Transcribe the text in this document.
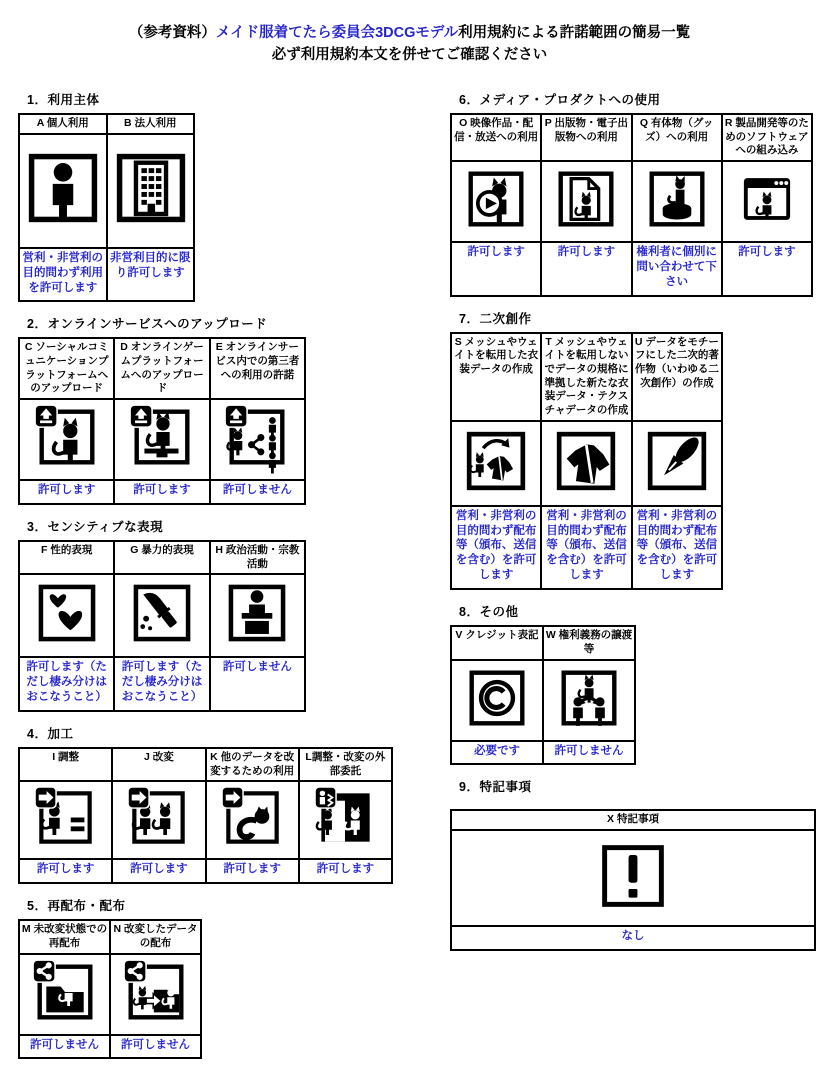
（参考資料）メイド服着てたら委員会3DCGモデル利用規約による許諾範囲の簡易一覧
必ず利用規約本文を併せてご確認ください
1．利用主体
A 個人利用	B 法人利用

営利・非営利の目的問わず利用を許可します	非営利目的に限り許可します
2．オンラインサービスへのアップロード
C ソーシャルコミュニケーションプラットフォームへのアップロード	D オンラインゲームプラットフォームへのアップロード	E オンラインサービス内での第三者への利用の許諾

許可します	許可します	許可しません
3．センシティブな表現
F 性的表現	G 暴力的表現	H 政治活動・宗教活動

許可します（ただし棲み分けはおこなうこと）	許可します（ただし棲み分けはおこなうこと）	許可しません
4．加工
I 調整	J 改変	K 他のデータを改変するための利用	L調整・改変の外部委託

許可します	許可します	許可します	許可します
5．再配布・配布
M 未改変状態での再配布	N 改変したデータの配布

許可しません	許可しません
6．メディア・プロダクトへの使用
O 映像作品・配信・放送への利用	P 出版物・電子出版物への利用	Q 有体物（グッズ）への利用	R 製品開発等のためのソフトウェアへの組み込み

許可します	許可します	権利者に個別に問い合わせて下さい	許可します
7．二次創作
S メッシュやウェイトを転用した衣装データの作成	T メッシュやウェイトを転用しないでデータの規格に準拠した新たな衣装データ・テクスチャデータの作成	U データをモチーフにした二次的著作物（いわゆる二次創作）の作成

営利・非営利の目的問わず配布等（頒布、送信を含む）を許可します	営利・非営利の目的問わず配布等（頒布、送信を含む）を許可します	営利・非営利の目的問わず配布等（頒布、送信を含む）を許可します
8．その他
V クレジット表記	W 権利義務の譲渡等

必要です	許可しません
9．特記事項
X 特記事項

なし
